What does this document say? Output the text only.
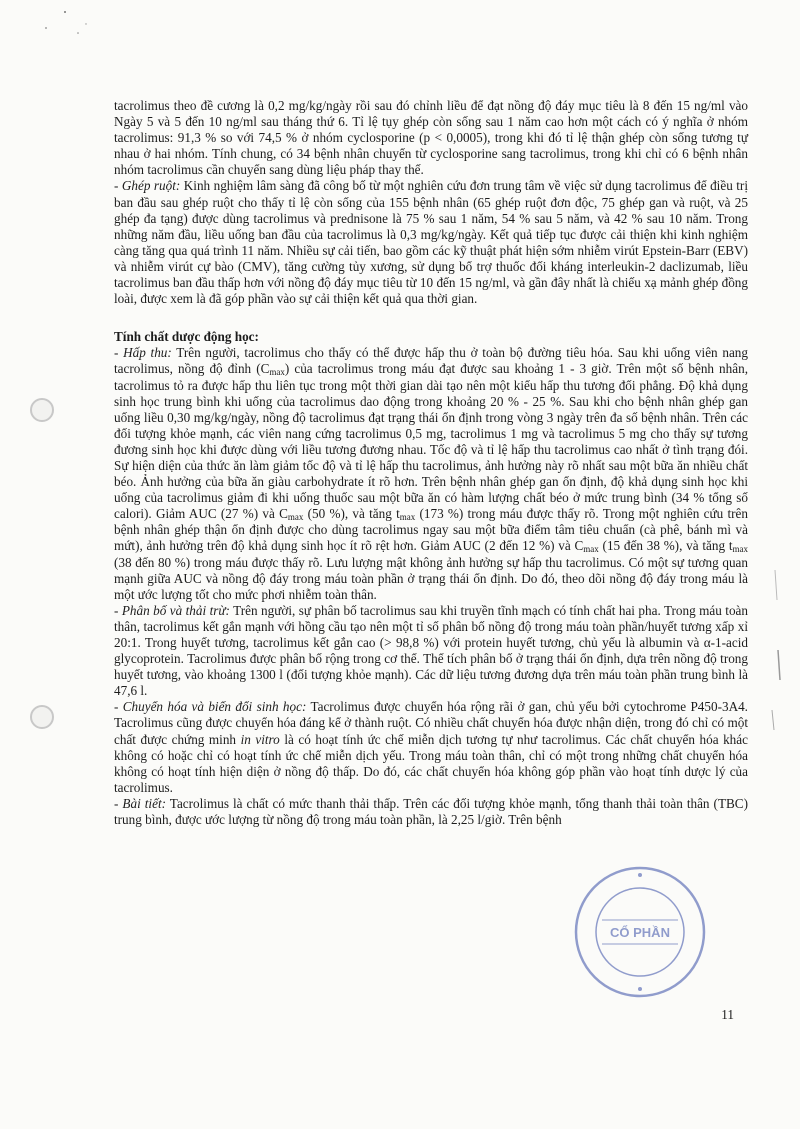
tacrolimus theo đề cương là 0,2 mg/kg/ngày rồi sau đó chỉnh liều để đạt nồng độ đáy mục tiêu là 8 đến 15 ng/ml vào Ngày 5 và 5 đến 10 ng/ml sau tháng thứ 6. Tỉ lệ tụy ghép còn sống sau 1 năm cao hơn một cách có ý nghĩa ở nhóm tacrolimus: 91,3 % so với 74,5 % ở nhóm cyclosporine (p < 0,0005), trong khi đó tỉ lệ thận ghép còn sống tương tự nhau ở hai nhóm. Tính chung, có 34 bệnh nhân chuyển từ cyclosporine sang tacrolimus, trong khi chỉ có 6 bệnh nhân nhóm tacrolimus cần chuyển sang dùng liệu pháp thay thế.

- Ghép ruột: Kinh nghiệm lâm sàng đã công bố từ một nghiên cứu đơn trung tâm về việc sử dụng tacrolimus để điều trị ban đầu sau ghép ruột cho thấy tỉ lệ còn sống của 155 bệnh nhân (65 ghép ruột đơn độc, 75 ghép gan và ruột, và 25 ghép đa tạng) được dùng tacrolimus và prednisone là 75 % sau 1 năm, 54 % sau 5 năm, và 42 % sau 10 năm. Trong những năm đầu, liều uống ban đầu của tacrolimus là 0,3 mg/kg/ngày. Kết quả tiếp tục được cải thiện khi kinh nghiệm càng tăng qua quá trình 11 năm. Nhiều sự cải tiến, bao gồm các kỹ thuật phát hiện sớm nhiễm virút Epstein-Barr (EBV) và nhiễm virút cự bào (CMV), tăng cường tủy xương, sử dụng bổ trợ thuốc đối kháng interleukin-2 daclizumab, liều tacrolimus ban đầu thấp hơn với nồng độ đáy mục tiêu từ 10 đến 15 ng/ml, và gần đây nhất là chiếu xạ mảnh ghép đồng loài, được xem là đã góp phần vào sự cải thiện kết quả qua thời gian.

Tính chất dược động học:

- Hấp thu: Trên người, tacrolimus cho thấy có thể được hấp thu ở toàn bộ đường tiêu hóa. Sau khi uống viên nang tacrolimus, nồng độ đỉnh $(C_{max})$ của tacrolimus trong máu đạt được sau khoảng 1 - 3 giờ. Trên một số bệnh nhân, tacrolimus tỏ ra được hấp thu liên tục trong một thời gian dài tạo nên một kiểu hấp thu tương đối phẳng. Độ khả dụng sinh học trung bình khi uống của tacrolimus dao động trong khoảng 20 % - 25 %. Sau khi cho bệnh nhân ghép gan uống liều 0,30 mg/kg/ngày, nồng độ tacrolimus đạt trạng thái ổn định trong vòng 3 ngày trên đa số bệnh nhân. Trên các đối tượng khỏe mạnh, các viên nang cứng tacrolimus 0,5 mg, tacrolimus 1 mg và tacrolimus 5 mg cho thấy sự tương đương sinh học khi được dùng với liều tương đương nhau. Tốc độ và tỉ lệ hấp thu tacrolimus cao nhất ở tình trạng đói. Sự hiện diện của thức ăn làm giảm tốc độ và tỉ lệ hấp thu tacrolimus, ảnh hưởng này rõ nhất sau một bữa ăn nhiều chất béo. Ảnh hưởng của bữa ăn giàu carbohydrate ít rõ hơn. Trên bệnh nhân ghép gan ổn định, độ khả dụng sinh học khi uống của tacrolimus giảm đi khi uống thuốc sau một bữa ăn có hàm lượng chất béo ở mức trung bình (34 % tổng số calori). Giảm AUC (27 %) và $C_{max}$ (50 %), và tăng $t_{max}$ (173 %) trong máu được thấy rõ. Trong một nghiên cứu trên bệnh nhân ghép thận ổn định được cho dùng tacrolimus ngay sau một bữa điểm tâm tiêu chuẩn (cà phê, bánh mì và mứt), ảnh hưởng trên độ khả dụng sinh học ít rõ rệt hơn. Giảm AUC (2 đến 12 %) và $C_{max}$ (15 đến 38 %), và tăng $t_{max}$ (38 đến 80 %) trong máu được thấy rõ. Lưu lượng mật không ảnh hưởng sự hấp thu tacrolimus. Có một sự tương quan mạnh giữa AUC và nồng độ đáy trong máu toàn phần ở trạng thái ổn định. Do đó, theo dõi nồng độ đáy trong máu là một ước lượng tốt cho mức phơi nhiễm toàn thân.

- Phân bố và thải trừ: Trên người, sự phân bố tacrolimus sau khi truyền tĩnh mạch có tính chất hai pha. Trong máu toàn thân, tacrolimus kết gắn mạnh với hồng cầu tạo nên một tỉ số phân bố nồng độ trong máu toàn phần/huyết tương xấp xỉ 20:1. Trong huyết tương, tacrolimus kết gắn cao (> 98,8 %) với protein huyết tương, chủ yếu là albumin và α-1-acid glycoprotein. Tacrolimus được phân bố rộng trong cơ thể. Thể tích phân bố ở trạng thái ổn định, dựa trên nồng độ trong huyết tương, vào khoảng 1300 l (đối tượng khỏe mạnh). Các dữ liệu tương đương dựa trên máu toàn phần trung bình là 47,6 l.

- Chuyển hóa và biến đổi sinh học: Tacrolimus được chuyển hóa rộng rãi ở gan, chủ yếu bởi cytochrome P450-3A4. Tacrolimus cũng được chuyển hóa đáng kể ở thành ruột. Có nhiều chất chuyển hóa được nhận diện, trong đó chỉ có một chất được chứng minh in vitro là có hoạt tính ức chế miễn dịch tương tự như tacrolimus. Các chất chuyển hóa khác không có hoặc chỉ có hoạt tính ức chế miễn dịch yếu. Trong máu toàn thân, chỉ có một trong những chất chuyển hóa không có hoạt tính hiện diện ở nồng độ thấp. Do đó, các chất chuyển hóa không góp phần vào hoạt tính dược lý của tacrolimus.

- Bài tiết: Tacrolimus là chất có mức thanh thải thấp. Trên các đối tượng khỏe mạnh, tổng thanh thải toàn thân (TBC) trung bình, được ước lượng từ nồng độ trong máu toàn phần, là 2,25 l/giờ. Trên bệnh

CỔ PHẦN
11
